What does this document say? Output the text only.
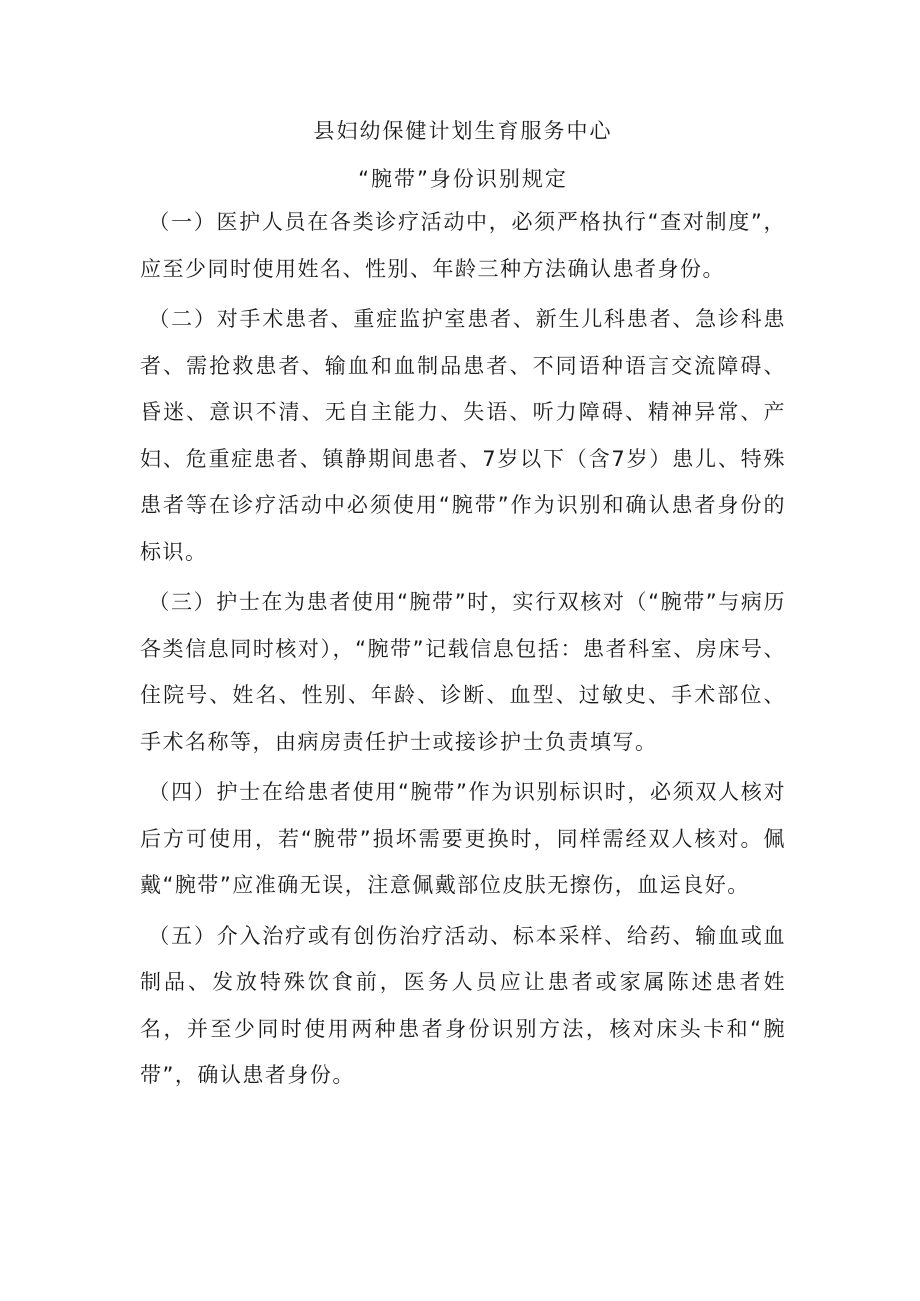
县妇幼保健计划生育服务中心
“腕带”身份识别规定

（一）医护人员在各类诊疗活动中，必须严格执行“查对制度”，应至少同时使用姓名、性别、年龄三种方法确认患者身份。

（二）对手术患者、重症监护室患者、新生儿科患者、急诊科患者、需抢救患者、输血和血制品患者、不同语种语言交流障碍、昏迷、意识不清、无自主能力、失语、听力障碍、精神异常、产妇、危重症患者、镇静期间患者、7岁以下（含7岁）患儿、特殊患者等在诊疗活动中必须使用“腕带”作为识别和确认患者身份的标识。

（三）护士在为患者使用“腕带”时，实行双核对（“腕带”与病历各类信息同时核对），“腕带”记载信息包括：患者科室、房床号、住院号、姓名、性别、年龄、诊断、血型、过敏史、手术部位、手术名称等，由病房责任护士或接诊护士负责填写。

（四）护士在给患者使用“腕带”作为识别标识时，必须双人核对后方可使用，若“腕带”损坏需要更换时，同样需经双人核对。佩戴“腕带”应准确无误，注意佩戴部位皮肤无擦伤，血运良好。

（五）介入治疗或有创伤治疗活动、标本采样、给药、输血或血制品、发放特殊饮食前，医务人员应让患者或家属陈述患者姓名，并至少同时使用两种患者身份识别方法，核对床头卡和“腕带”，确认患者身份。
